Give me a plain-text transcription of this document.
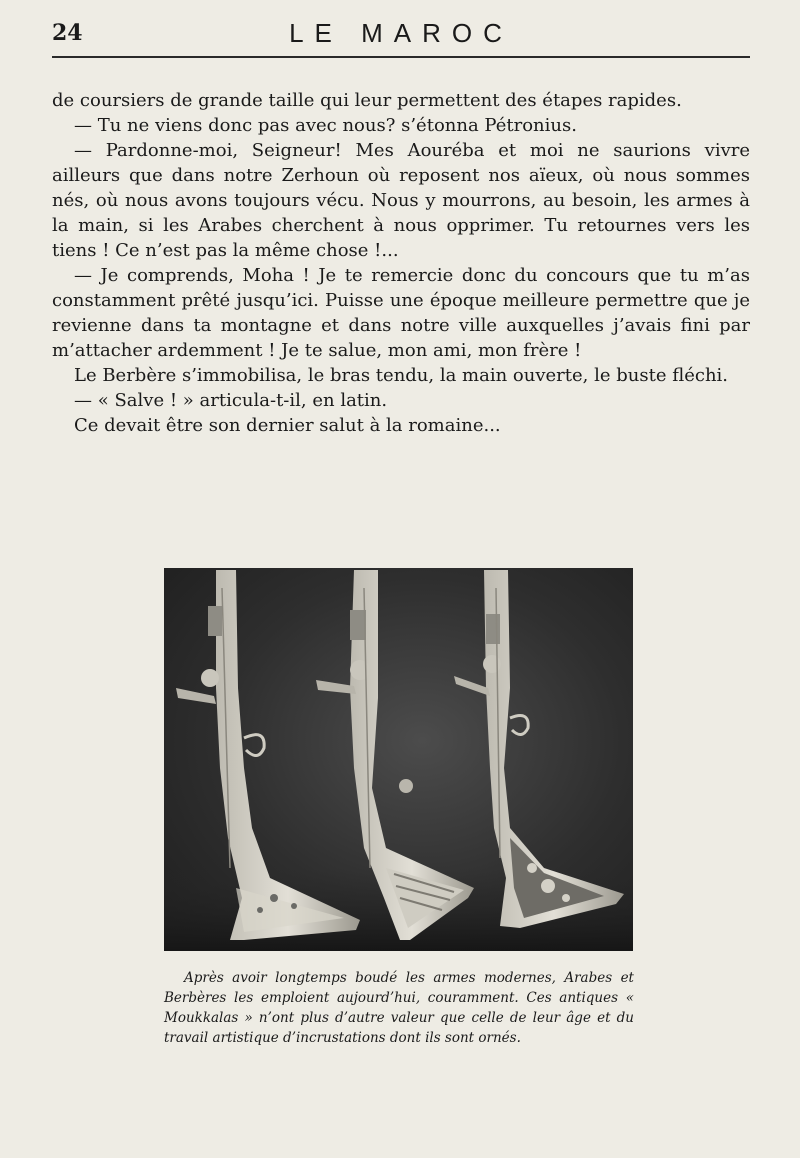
24	LE MAROC

de coursiers de grande taille qui leur permettent des étapes rapides.

— Tu ne viens donc pas avec nous? s’étonna Pétronius.

— Pardonne-moi, Seigneur! Mes Aouréba et moi ne saurions vivre ailleurs que dans notre Zerhoun où reposent nos aïeux, où nous sommes nés, où nous avons toujours vécu. Nous y mourrons, au besoin, les armes à la main, si les Arabes cherchent à nous opprimer. Tu retournes vers les tiens ! Ce n’est pas la même chose !...

— Je comprends, Moha ! Je te remercie donc du concours que tu m’as constamment prêté jusqu’ici. Puisse une époque meilleure permettre que je revienne dans ta montagne et dans notre ville auxquelles j’avais fini par m’attacher ardemment ! Je te salue, mon ami, mon frère !

Le Berbère s’immobilisa, le bras tendu, la main ouverte, le buste fléchi.

— « Salve ! » articula-t-il, en latin.

Ce devait être son dernier salut à la romaine...

Après avoir longtemps boudé les armes modernes, Arabes et Berbères les emploient aujourd’hui, couramment. Ces antiques « Moukkalas » n’ont plus d’autre valeur que celle de leur âge et du travail artistique d’incrustations dont ils sont ornés.
